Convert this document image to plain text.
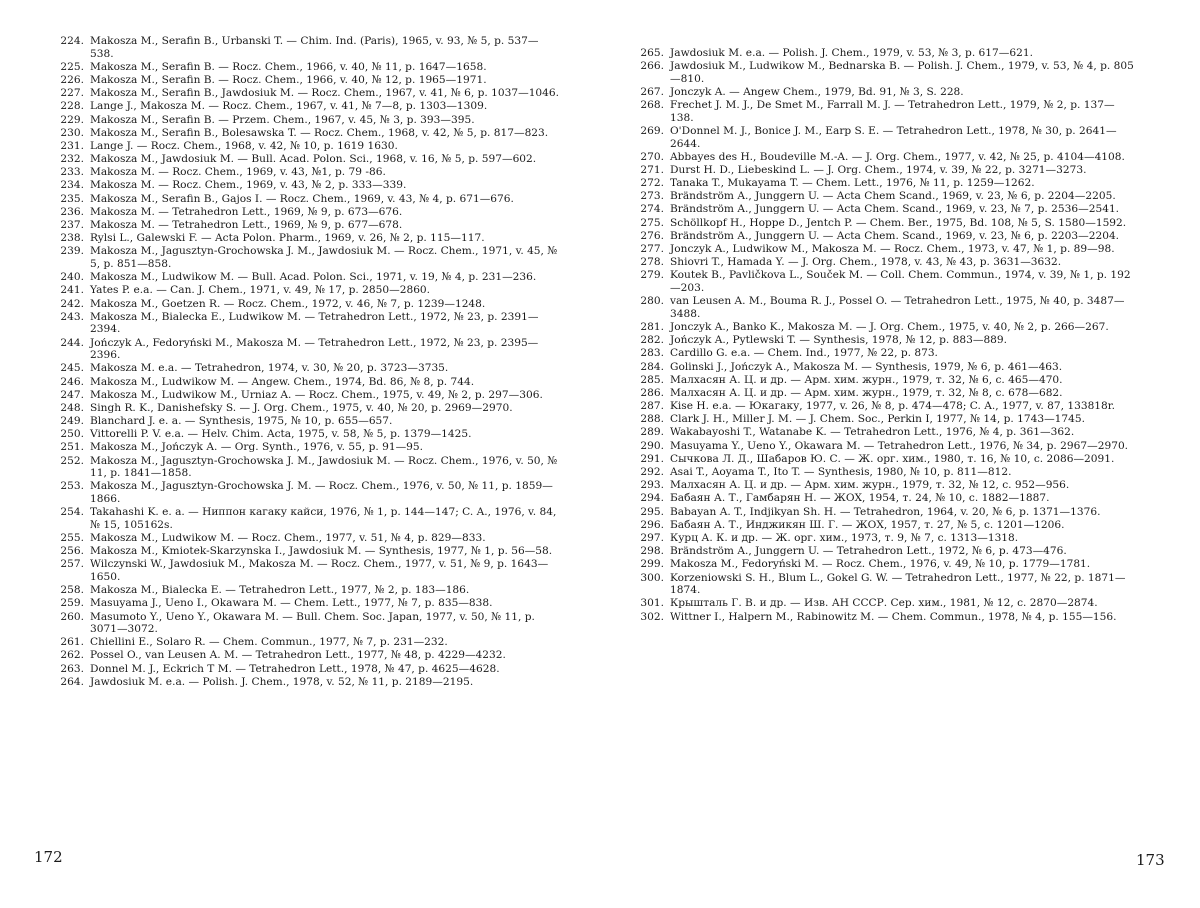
224. Makosza M., Serafin B., Urbanski T. — Chim. Ind. (Paris), 1965, v. 93, № 5, p. 537—538.
225. Makosza M., Serafin B. — Rocz. Chem., 1966, v. 40, № 11, p. 1647—1658.
226. Makosza M., Serafin B. — Rocz. Chem., 1966, v. 40, № 12, p. 1965—1971.
227. Makosza M., Serafin B., Jawdosiuk M. — Rocz. Chem., 1967, v. 41, № 6, p. 1037—1046.
228. Lange J., Makosza M. — Rocz. Chem., 1967, v. 41, № 7—8, p. 1303—1309.
229. Makosza M., Serafin B. — Przem. Chem., 1967, v. 45, № 3, p. 393—395.
230. Makosza M., Serafin B., Bolesawska T. — Rocz. Chem., 1968, v. 42, № 5, p. 817—823.
231. Lange J. — Rocz. Chem., 1968, v. 42, № 10, p. 1619 1630.
232. Makosza M., Jawdosiuk M. — Bull. Acad. Polon. Sci., 1968, v. 16, № 5, p. 597—602.
233. Makosza M. — Rocz. Chem., 1969, v. 43, №1, p. 79 -86.
234. Makosza M. — Rocz. Chem., 1969, v. 43, № 2, p. 333—339.
235. Makosza M., Serafin B., Gajos I. — Rocz. Chem., 1969, v. 43, № 4, p. 671—676.
236. Makosza M. — Tetrahedron Lett., 1969, № 9, p. 673—676.
237. Makosza M. — Tetrahedron Lett., 1969, № 9, p. 677—678.
238. Rylsi L., Galewski F. — Acta Polon. Pharm., 1969, v. 26, № 2, p. 115—117.
239. Makosza M., Jagusztyn-Grochowska J. M., Jawdosiuk M. — Rocz. Chem., 1971, v. 45, № 5, p. 851—858.
240. Makosza M., Ludwikow M. — Bull. Acad. Polon. Sci., 1971, v. 19, № 4, p. 231—236.
241. Yates P. e.a. — Can. J. Chem., 1971, v. 49, № 17, p. 2850—2860.
242. Makosza M., Goetzen R. — Rocz. Chem., 1972, v. 46, № 7, p. 1239—1248.
243. Makosza M., Bialecka E., Ludwikow M. — Tetrahedron Lett., 1972, № 23, p. 2391—2394.
244. Jończyk A., Fedoryński M., Makosza M. — Tetrahedron Lett., 1972, № 23, p. 2395—2396.
245. Makosza M. e.a. — Tetrahedron, 1974, v. 30, № 20, p. 3723—3735.
246. Makosza M., Ludwikow M. — Angew. Chem., 1974, Bd. 86, № 8, p. 744.
247. Makosza M., Ludwikow M., Urniaz A. — Rocz. Chem., 1975, v. 49, № 2, p. 297—306.
248. Singh R. K., Danishefsky S. — J. Org. Chem., 1975, v. 40, № 20, p. 2969—2970.
249. Blanchard J. e. a. — Synthesis, 1975, № 10, p. 655—657.
250. Vittorelli P. V. e.a. — Helv. Chim. Acta, 1975, v. 58, № 5, p. 1379—1425.
251. Makosza M., Jończyk A. — Org. Synth., 1976, v. 55, p. 91—95.
252. Makosza M., Jagusztyn-Grochowska J. M., Jawdosiuk M. — Rocz. Chem., 1976, v. 50, № 11, p. 1841—1858.
253. Makosza M., Jagusztyn-Grochowska J. M. — Rocz. Chem., 1976, v. 50, № 11, p. 1859—1866.
254. Takahashi K. e. a. — Ниппон кагаку кайси, 1976, № 1, p. 144—147; C. A., 1976, v. 84, № 15, 105162s.
255. Makosza M., Ludwikow M. — Rocz. Chem., 1977, v. 51, № 4, p. 829—833.
256. Makosza M., Kmiotek-Skarzynska I., Jawdosiuk M. — Synthesis, 1977, № 1, p. 56—58.
257. Wilczynski W., Jawdosiuk M., Makosza M. — Rocz. Chem., 1977, v. 51, № 9, p. 1643—1650.
258. Makosza M., Bialecka E. — Tetrahedron Lett., 1977, № 2, p. 183—186.
259. Masuyama J., Ueno I., Okawara M. — Chem. Lett., 1977, № 7, p. 835—838.
260. Masumoto Y., Ueno Y., Okawara M. — Bull. Chem. Soc. Japan, 1977, v. 50, № 11, p. 3071—3072.
261. Chiellini E., Solaro R. — Chem. Commun., 1977, № 7, p. 231—232.
262. Possel O., van Leusen A. M. — Tetrahedron Lett., 1977, № 48, p. 4229—4232.
263. Donnel M. J., Eckrich T M. — Tetrahedron Lett., 1978, № 47, p. 4625—4628.
264. Jawdosiuk M. e.a. — Polish. J. Chem., 1978, v. 52, № 11, p. 2189—2195.
172
265. Jawdosiuk M. e.a. — Polish. J. Chem., 1979, v. 53, № 3, p. 617—621.
266. Jawdosiuk M., Ludwikow M., Bednarska B. — Polish. J. Chem., 1979, v. 53, № 4, p. 805—810.
267. Jonczyk A. — Angew Chem., 1979, Bd. 91, № 3, S. 228.
268. Frechet J. M. J., De Smet M., Farrall M. J. — Tetrahedron Lett., 1979, № 2, p. 137—138.
269. O'Donnel M. J., Bonice J. M., Earp S. E. — Tetrahedron Lett., 1978, № 30, p. 2641—2644.
270. Abbayes des H., Boudeville M.-A. — J. Org. Chem., 1977, v. 42, № 25, p. 4104—4108.
271. Durst H. D., Liebeskind L. — J. Org. Chem., 1974, v. 39, № 22, p. 3271—3273.
272. Tanaka T., Mukayama T. — Chem. Lett., 1976, № 11, p. 1259—1262.
273. Brändström A., Junggern U. — Acta Chem Scand., 1969, v. 23, № 6, p. 2204—2205.
274. Brändström A., Junggern U. — Acta Chem. Scand., 1969, v. 23, № 7, p. 2536—2541.
275. Schöllkopf H., Hoppe D., Jentch P. — Chem. Ber., 1975, Bd. 108, № 5, S. 1580—1592.
276. Brändström A., Junggern U. — Acta Chem. Scand., 1969, v. 23, № 6, p. 2203—2204.
277. Jonczyk A., Ludwikow M., Makosza M. — Rocz. Chem., 1973, v. 47, № 1, p. 89—98.
278. Shiovri T., Hamada Y. — J. Org. Chem., 1978, v. 43, № 43, p. 3631—3632.
279. Koutek B., Pavličkova L., Souček M. — Coll. Chem. Commun., 1974, v. 39, № 1, p. 192—203.
280. van Leusen A. M., Bouma R. J., Possel O. — Tetrahedron Lett., 1975, № 40, p. 3487—3488.
281. Jonczyk A., Banko K., Makosza M. — J. Org. Chem., 1975, v. 40, № 2, p. 266—267.
282. Jończyk A., Pytlewski T. — Synthesis, 1978, № 12, p. 883—889.
283. Cardillo G. e.a. — Chem. Ind., 1977, № 22, p. 873.
284. Golinski J., Jończyk A., Makosza M. — Synthesis, 1979, № 6, p. 461—463.
285. Малхасян А. Ц. и др. — Арм. хим. журн., 1979, т. 32, № 6, с. 465—470.
286. Малхасян А. Ц. и др. — Арм. хим. журн., 1979, т. 32, № 8, с. 678—682.
287. Kise H. e.a. — Юкагаку, 1977, v. 26, № 8, p. 474—478; C. A., 1977, v. 87, 133818r.
288. Clark J. H., Miller J. M. — J. Chem. Soc., Perkin I, 1977, № 14, p. 1743—1745.
289. Wakabayoshi T., Watanabe K. — Tetrahedron Lett., 1976, № 4, p. 361—362.
290. Masuyama Y., Ueno Y., Okawara M. — Tetrahedron Lett., 1976, № 34, p. 2967—2970.
291. Сычкова Л. Д., Шабаров Ю. С. — Ж. орг. хим., 1980, т. 16, № 10, с. 2086—2091.
292. Asai T., Aoyama T., Ito T. — Synthesis, 1980, № 10, p. 811—812.
293. Малхасян А. Ц. и др. — Арм. хим. журн., 1979, т. 32, № 12, с. 952—956.
294. Бабаян А. Т., Гамбарян Н. — ЖОХ, 1954, т. 24, № 10, с. 1882—1887.
295. Babayan A. T., Indjikyan Sh. H. — Tetrahedron, 1964, v. 20, № 6, p. 1371—1376.
296. Бабаян А. Т., Инджикян Ш. Г. — ЖОХ, 1957, т. 27, № 5, с. 1201—1206.
297. Курц А. К. и др. — Ж. орг. хим., 1973, т. 9, № 7, с. 1313—1318.
298. Brändström A., Junggern U. — Tetrahedron Lett., 1972, № 6, p. 473—476.
299. Makosza M., Fedoryński M. — Rocz. Chem., 1976, v. 49, № 10, p. 1779—1781.
300. Korzeniowski S. H., Blum L., Gokel G. W. — Tetrahedron Lett., 1977, № 22, p. 1871—1874.
301. Крышталь Г. В. и др. — Изв. АН СССР. Сер. хим., 1981, № 12, с. 2870—2874.
302. Wittner I., Halpern M., Rabinowitz M. — Chem. Commun., 1978, № 4, p. 155—156.
173
